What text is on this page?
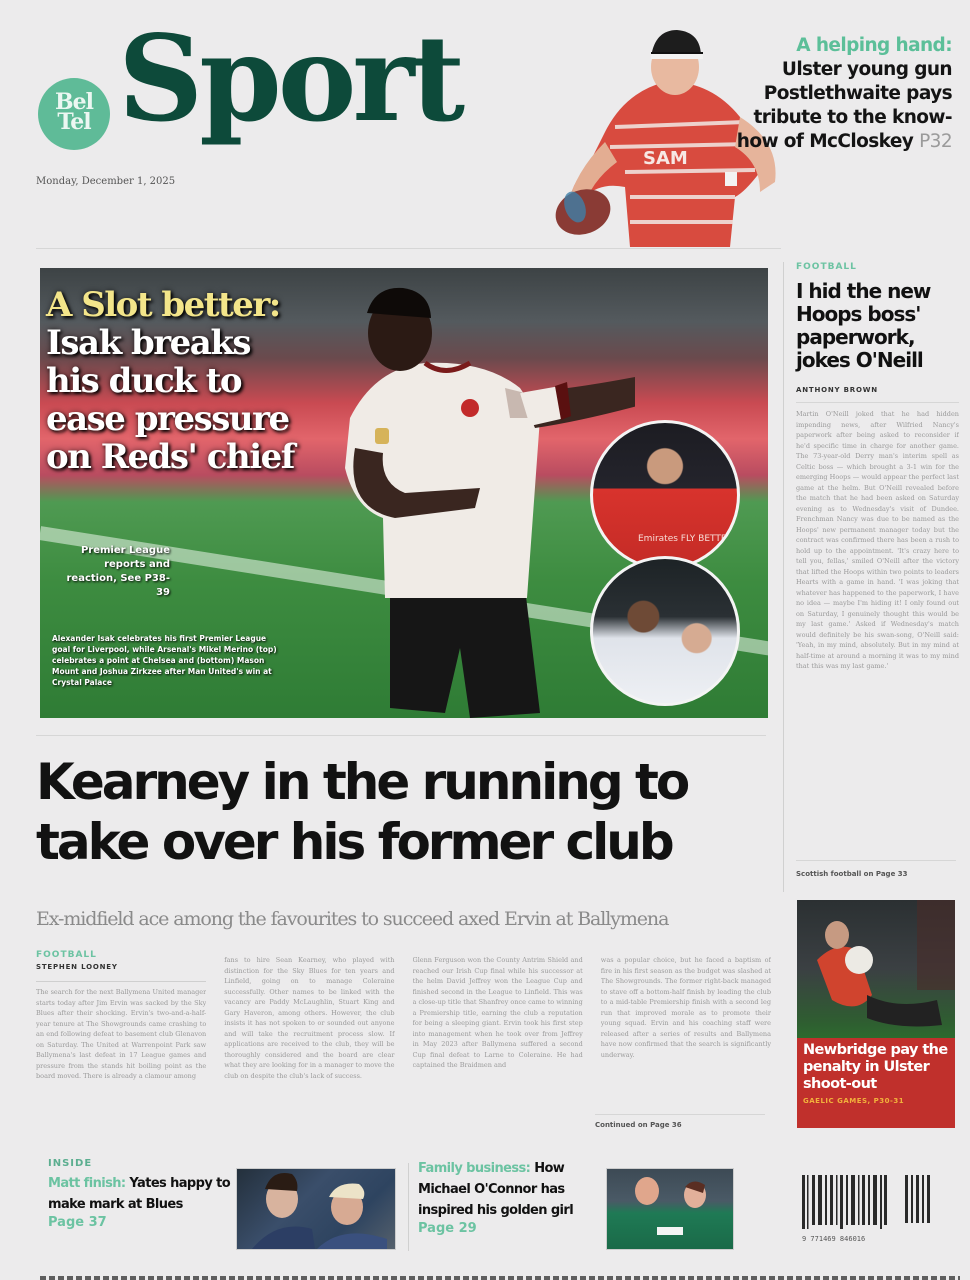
Bel
Tel Sport
Monday, December 1, 2025
SAM
A helping hand:
Ulster young gun Postlethwaite pays tribute to the know-how of McCloskey P32
A Slot better:
Isak breaks
his duck to
ease pressure
on Reds' chief
Premier League reports and reaction, See P38-39
Alexander Isak celebrates his first Premier League goal for Liverpool, while Arsenal's Mikel Merino (top) celebrates a point at Chelsea and (bottom) Mason Mount and Joshua Zirkzee after Man United's win at Crystal Palace
Emirates FLY BETTER
Kearney in the running to take over his former club
Ex-midfield ace among the favourites to succeed axed Ervin at Ballymena
FOOTBALL
STEPHEN LOONEY
The search for the next Ballymena United manager starts today after Jim Ervin was sacked by the Sky Blues after their shocking. Ervin's two-and-a-half-year tenure at The Showgrounds came crashing to an end following defeat to basement club Glenavon on Saturday. The United at Warrenpoint Park saw Ballymena's last defeat in 17 League games and pressure from the stands hit boiling point as the board moved. There is already a clamour among
fans to hire Sean Kearney, who played with distinction for the Sky Blues for ten years and Linfield, going on to manage Coleraine successfully. Other names to be linked with the vacancy are Paddy McLaughlin, Stuart King and Gary Haveron, among others. However, the club insists it has not spoken to or sounded out anyone and will take the recruitment process slow. If applications are received to the club, they will be thoroughly considered and the board are clear what they are looking for in a manager to move the club on despite the club's lack of success.
Glenn Ferguson won the County Antrim Shield and reached our Irish Cup final while his successor at the helm David Jeffrey won the League Cup and finished second in the League to Linfield. This was a close-up title that Shanfrey once came to winning a Premiership title, earning the club a reputation for being a sleeping giant. Ervin took his first step into management when he took over from Jeffrey in May 2023 after Ballymena suffered a second Cup final defeat to Larne to Coleraine. He had captained the Braidmen and
was a popular choice, but he faced a baptism of fire in his first season as the budget was slashed at The Showgrounds. The former right-back managed to stave off a bottom-half finish by leading the club to a mid-table Premiership finish with a second leg run that improved morale as to promote their young squad. Ervin and his coaching staff were released after a series of results and Ballymena have now confirmed that the search is significantly underway.
Continued on Page 36
FOOTBALL
I hid the new Hoops boss' paperwork, jokes O'Neill
ANTHONY BROWN
Martin O'Neill joked that he had hidden impending news, after Wilfried Nancy's paperwork after being asked to reconsider if he'd specific time in charge for another game. The 73-year-old Derry man's interim spell as Celtic boss — which brought a 3-1 win for the emerging Hoops — would appear the perfect last game at the helm. But O'Neill revealed before the match that he had been asked on Saturday evening as to Wednesday's visit of Dundee. Frenchman Nancy was due to be named as the Hoops' new permanent manager today but the contract was confirmed there has been a rush to hold up to the appointment. 'It's crazy here to tell you, fellas,' smiled O'Neill after the victory that lifted the Hoops within two points to leaders Hearts with a game in hand. 'I was joking that whatever has happened to the paperwork, I have no idea — maybe I'm hiding it! I only found out on Saturday, I genuinely thought this would be my last game.' Asked if Wednesday's match would definitely be his swan-song, O'Neill said: 'Yeah, in my mind, absolutely. But in my mind at half-time at around a morning it was to my mind that this was my last game.'
Scottish football on Page 33
Newbridge pay the penalty in Ulster shoot-out
GAELIC GAMES, P30-31
INSIDE
Matt finish: Yates happy to make mark at Blues
Page 37
Family business: How Michael O'Connor has inspired his golden girl
Page 29
9 771469 846016
